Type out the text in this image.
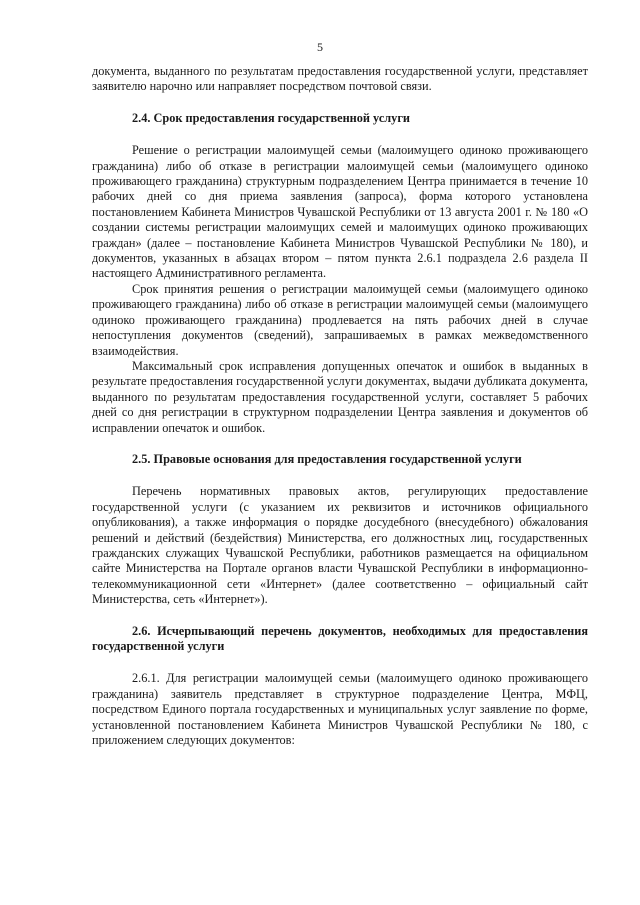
5

документа, выданного по результатам предоставления государственной услуги, представляет заявителю нарочно или направляет посредством почтовой связи.

2.4. Срок предоставления государственной услуги

Решение о регистрации малоимущей семьи (малоимущего одиноко проживающего гражданина) либо об отказе в регистрации малоимущей семьи (малоимущего одиноко проживающего гражданина) структурным подразделением Центра принимается в течение 10 рабочих дней со дня приема заявления (запроса), форма которого установлена постановлением Кабинета Министров Чувашской Республики от 13 августа 2001 г. № 180 «О создании системы регистрации малоимущих семей и малоимущих одиноко проживающих граждан» (далее – постановление Кабинета Министров Чувашской Республики № 180), и документов, указанных в абзацах втором – пятом пункта 2.6.1 подраздела 2.6 раздела II настоящего Административного регламента.

Срок принятия решения о регистрации малоимущей семьи (малоимущего одиноко проживающего гражданина) либо об отказе в регистрации малоимущей семьи (малоимущего одиноко проживающего гражданина) продлевается на пять рабочих дней в случае непоступления документов (сведений), запрашиваемых в рамках межведомственного взаимодействия.

Максимальный срок исправления допущенных опечаток и ошибок в выданных в результате предоставления государственной услуги документах, выдачи дубликата документа, выданного по результатам предоставления государственной услуги, составляет 5 рабочих дней со дня регистрации в структурном подразделении Центра заявления и документов об исправлении опечаток и ошибок.

2.5. Правовые основания для предоставления государственной услуги

Перечень нормативных правовых актов, регулирующих предоставление государственной услуги (с указанием их реквизитов и источников официального опубликования), а также информация о порядке досудебного (внесудебного) обжалования решений и действий (бездействия) Министерства, его должностных лиц, государственных гражданских служащих Чувашской Республики, работников размещается на официальном сайте Министерства на Портале органов власти Чувашской Республики в информационно-телекоммуникационной сети «Интернет» (далее соответственно – официальный сайт Министерства, сеть «Интернет»).

2.6. Исчерпывающий перечень документов, необходимых для предоставления государственной услуги

2.6.1. Для регистрации малоимущей семьи (малоимущего одиноко проживающего гражданина) заявитель представляет в структурное подразделение Центра, МФЦ, посредством Единого портала государственных и муниципальных услуг заявление по форме, установленной постановлением Кабинета Министров Чувашской Республики № 180, с приложением следующих документов:
